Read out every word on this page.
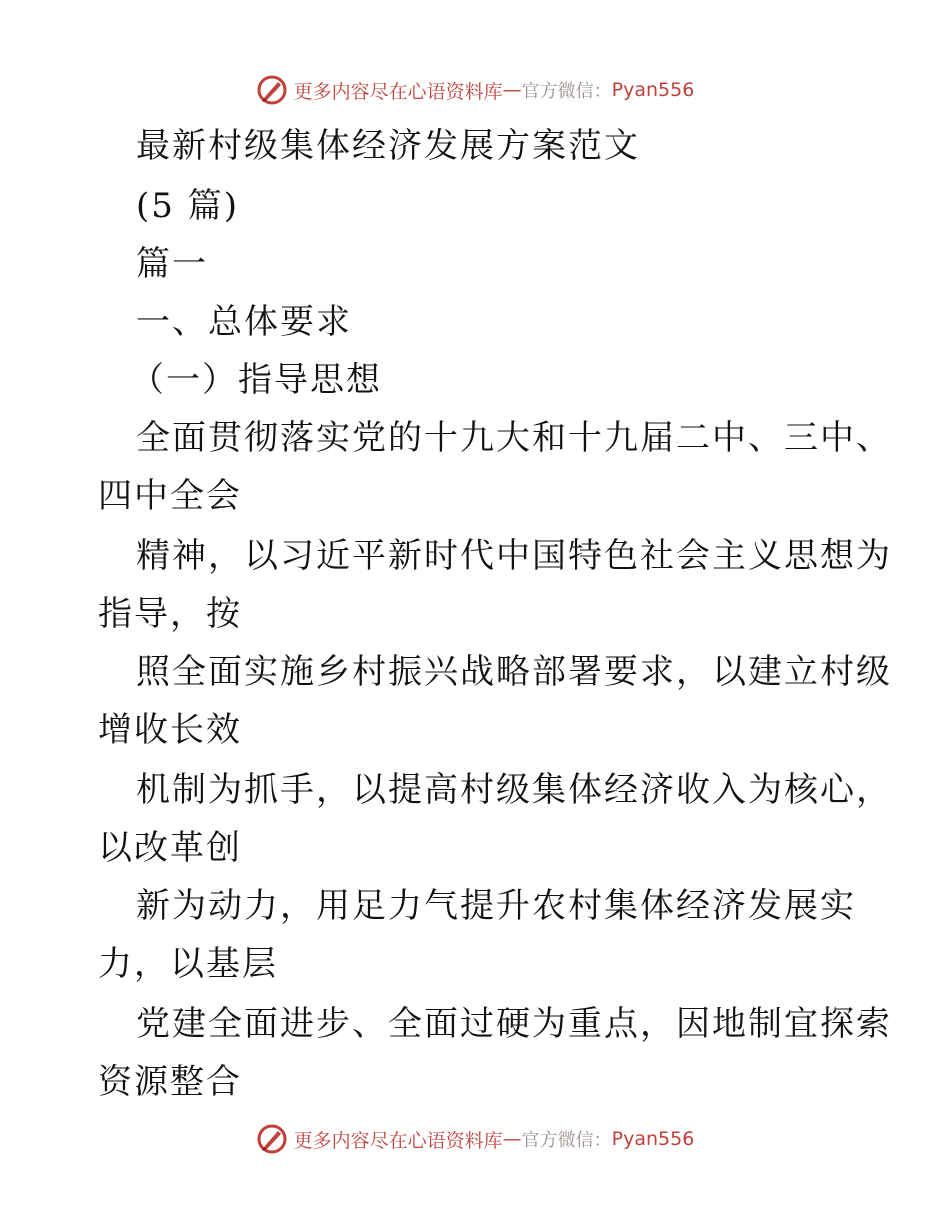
更多内容尽在心语资料库 — 官方微信： Pyan556
最新村级集体经济发展方案范文
(5 篇)
篇一
一、总体要求
（一）指导思想
全面贯彻落实党的十九大和十九届二中、三中、
四中全会
精神，以习近平新时代中国特色社会主义思想为
指导，按
照全面实施乡村振兴战略部署要求，以建立村级
增收长效
机制为抓手，以提高村级集体经济收入为核心，
以改革创
新为动力，用足力气提升农村集体经济发展实
力，以基层
党建全面进步、全面过硬为重点，因地制宜探索
资源整合
更多内容尽在心语资料库 — 官方微信： Pyan556
